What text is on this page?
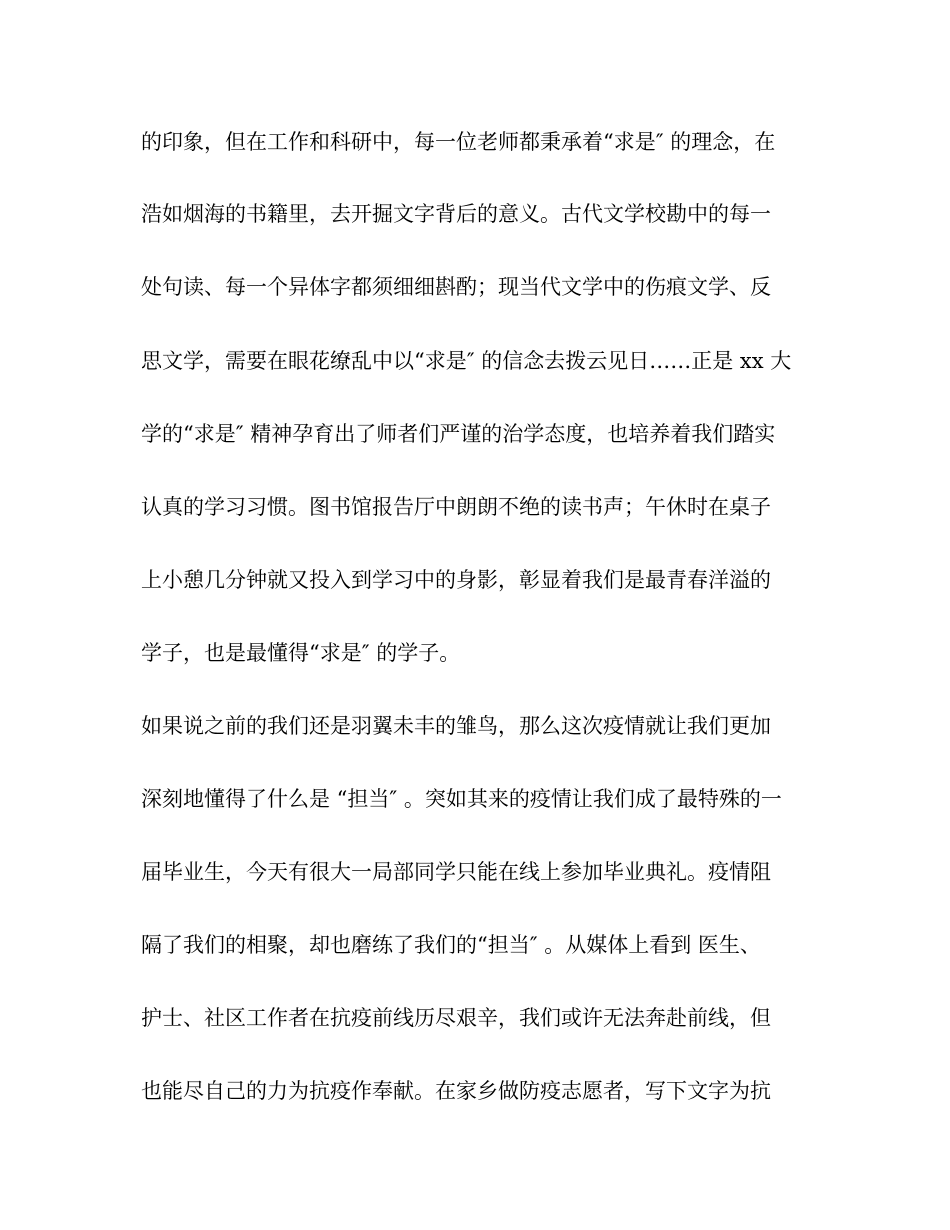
的印象，但在工作和科研中，每一位老师都秉承着“求是″ 的理念，在

浩如烟海的书籍里，去开掘文字背后的意义。古代文学校勘中的每一

处句读、每一个异体字都须细细斟酌；现当代文学中的伤痕文学、反

思文学，需要在眼花缭乱中以“求是″ 的信念去拨云见日……正是 xx 大

学的“求是″ 精神孕育出了师者们严谨的治学态度，也培养着我们踏实

认真的学习习惯。图书馆报告厅中朗朗不绝的读书声；午休时在桌子

上小憩几分钟就又投入到学习中的身影，彰显着我们是最青春洋溢的

学子，也是最懂得“求是″ 的学子。

如果说之前的我们还是羽翼未丰的雏鸟，那么这次疫情就让我们更加

深刻地懂得了什么是 “担当″ 。突如其来的疫情让我们成了最特殊的一

届毕业生，今天有很大一局部同学只能在线上参加毕业典礼。疫情阻

隔了我们的相聚，却也磨练了我们的“担当″ 。从媒体上看到 医生、

护士、社区工作者在抗疫前线历尽艰辛，我们或许无法奔赴前线，但

也能尽自己的力为抗疫作奉献。在家乡做防疫志愿者，写下文字为抗
